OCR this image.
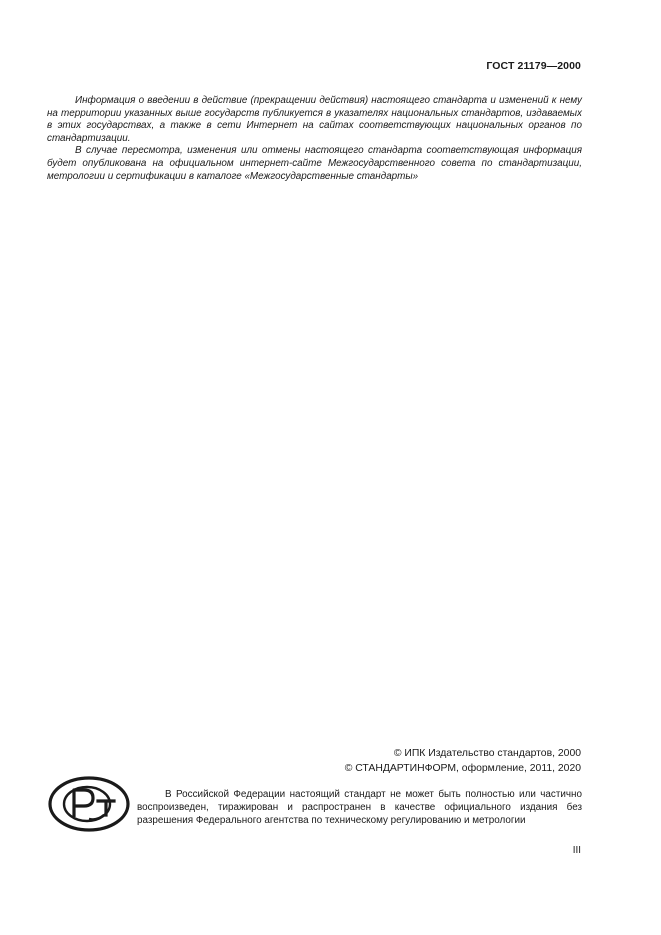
ГОСТ 21179—2000

Информация о введении в действие (прекращении действия) настоящего стандарта и изменений к нему на территории указанных выше государств публикуется в указателях национальных стандартов, издаваемых в этих государствах, а также в сети Интернет на сайтах соответствующих национальных органов по стандартизации.

В случае пересмотра, изменения или отмены настоящего стандарта соответствующая информация будет опубликована на официальном интернет-сайте Межгосударственного совета по стандартизации, метрологии и сертификации в каталоге «Межгосударственные стандарты»

© ИПК Издательство стандартов, 2000
© СТАНДАРТИНФОРМ, оформление, 2011, 2020

В Российской Федерации настоящий стандарт не может быть полностью или частично воспроизведен, тиражирован и распространен в качестве официального издания без разрешения Федерального агентства по техническому регулированию и метрологии

III
